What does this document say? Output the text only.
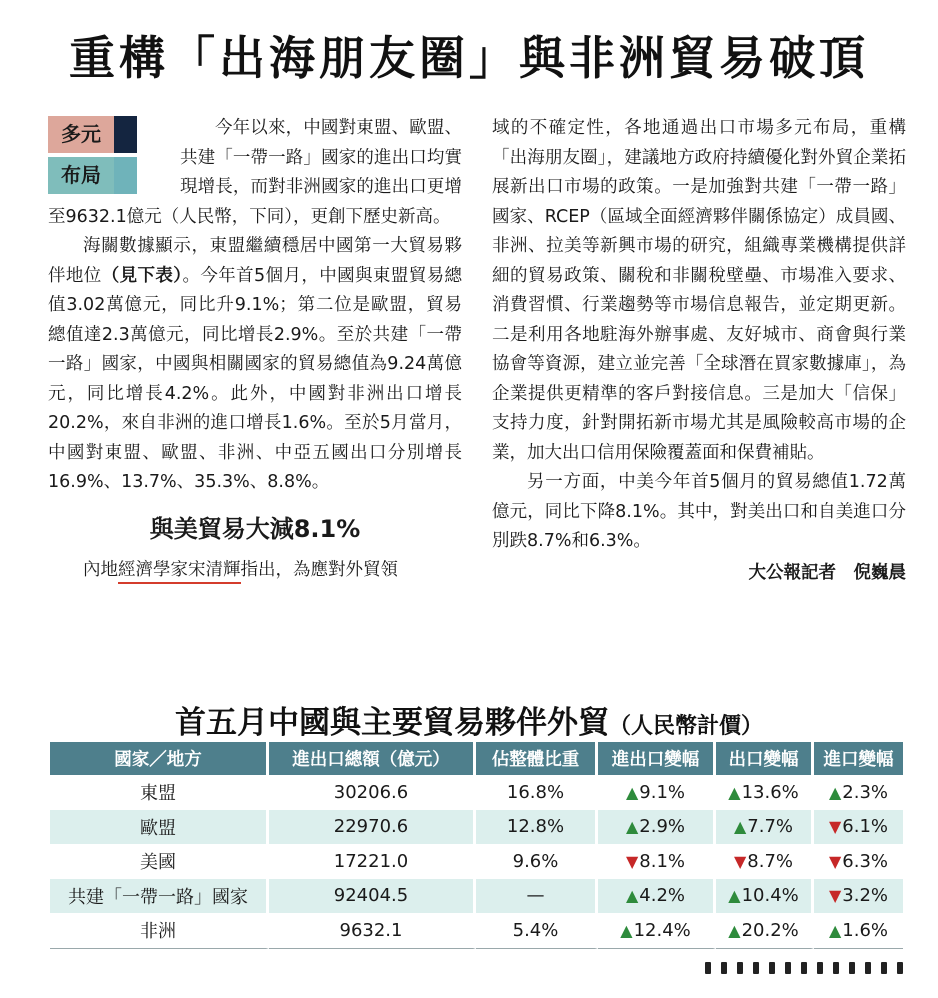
重構「出海朋友圈」與非洲貿易破頂
多元
布局

今年以來，中國對東盟、歐盟、共建「一帶一路」國家的進出口均實現增長，而對非洲國家的進出口更增至9632.1億元（人民幣，下同），更創下歷史新高。

海關數據顯示，東盟繼續穩居中國第一大貿易夥伴地位（見下表）。今年首5個月，中國與東盟貿易總值3.02萬億元，同比升9.1%；第二位是歐盟，貿易總值達2.3萬億元，同比增長2.9%。至於共建「一帶一路」國家，中國與相關國家的貿易總值為9.24萬億元，同比增長4.2%。此外，中國對非洲出口增長20.2%，來自非洲的進口增長1.6%。至於5月當月，中國對東盟、歐盟、非洲、中亞五國出口分別增長16.9%、13.7%、35.3%、8.8%。

與美貿易大減8.1%

內地經濟學家宋清輝指出，為應對外貿領

域的不確定性，各地通過出口市場多元布局，重構「出海朋友圈」，建議地方政府持續優化對外貿企業拓展新出口市場的政策。一是加強對共建「一帶一路」國家、RCEP（區域全面經濟夥伴關係協定）成員國、非洲、拉美等新興市場的研究，組織專業機構提供詳細的貿易政策、關稅和非關稅壁壘、市場准入要求、消費習慣、行業趨勢等市場信息報告，並定期更新。二是利用各地駐海外辦事處、友好城市、商會與行業協會等資源，建立並完善「全球潛在買家數據庫」，為企業提供更精準的客戶對接信息。三是加大「信保」支持力度，針對開拓新市場尤其是風險較高市場的企業，加大出口信用保險覆蓋面和保費補貼。

另一方面，中美今年首5個月的貿易總值1.72萬億元，同比下降8.1%。其中，對美出口和自美進口分別跌8.7%和6.3%。

大公報記者　倪巍晨
首五月中國與主要貿易夥伴外貿（人民幣計價）
國家／地方	進出口總額（億元）	佔整體比重	進出口變幅	出口變幅	進口變幅
東盟	30206.6	16.8%	▲9.1%	▲13.6%	▲2.3%
歐盟	22970.6	12.8%	▲2.9%	▲7.7%	▼6.1%
美國	17221.0	9.6%	▼8.1%	▼8.7%	▼6.3%
共建「一帶一路」國家	92404.5	—	▲4.2%	▲10.4%	▼3.2%
非洲	9632.1	5.4%	▲12.4%	▲20.2%	▲1.6%
